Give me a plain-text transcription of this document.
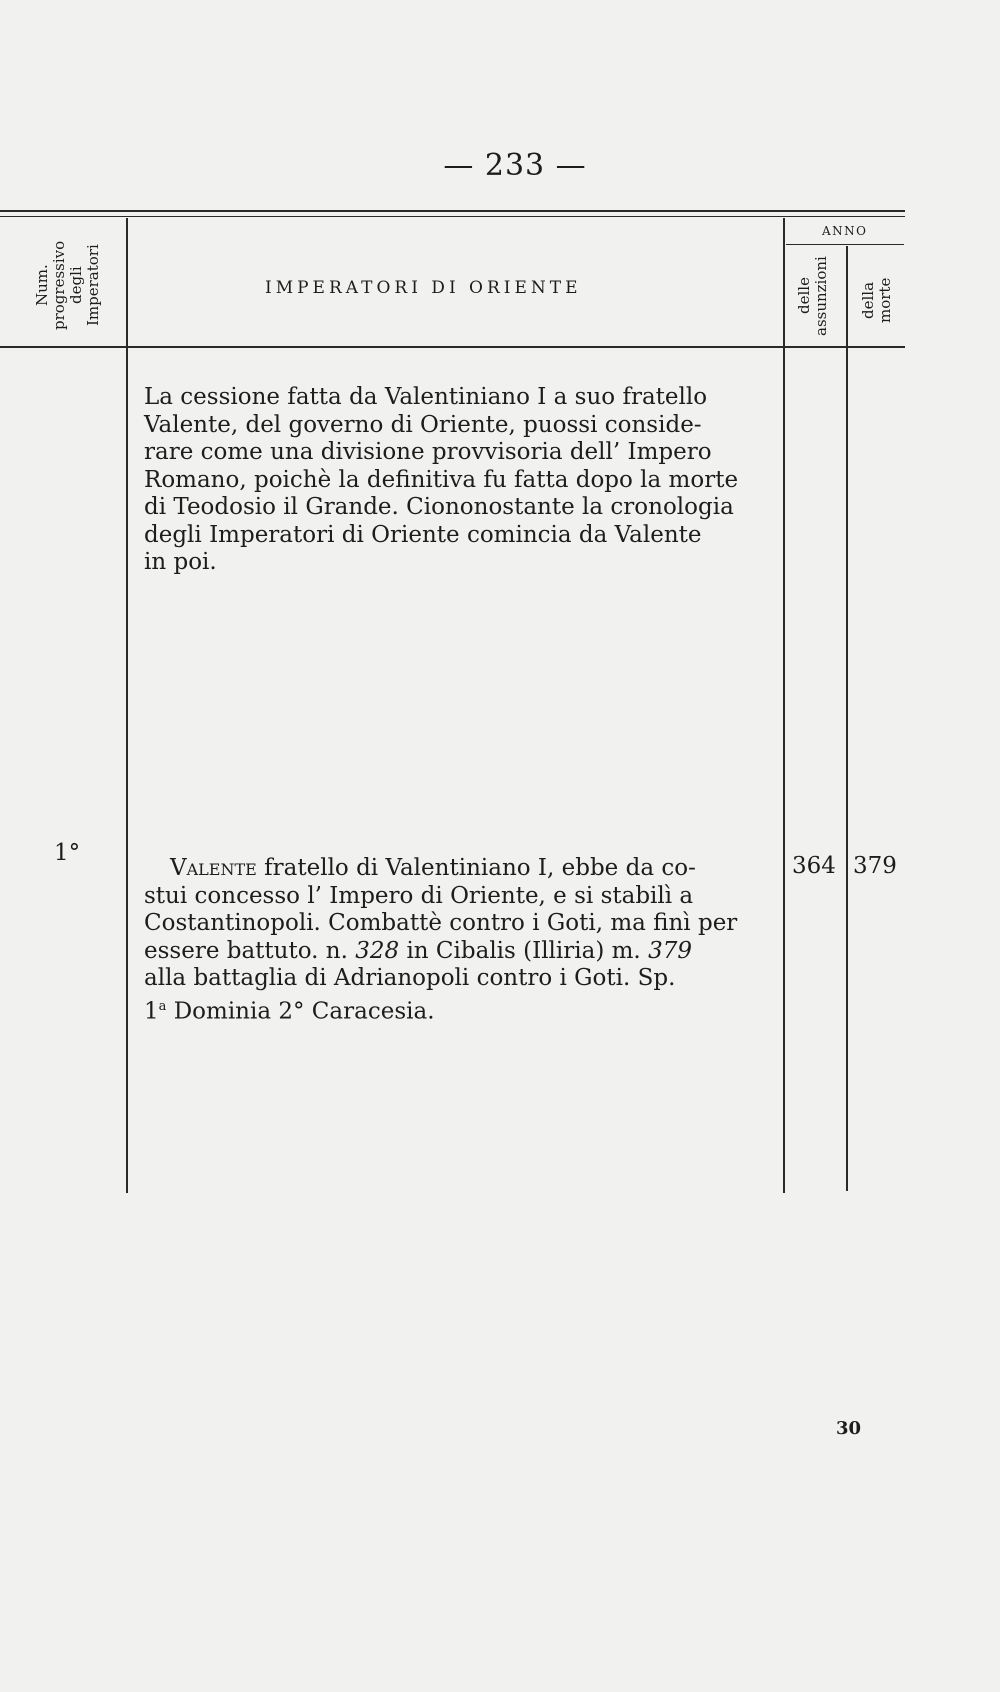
— 233 —
Num. progressivo degli Imperatori	IMPERATORI DI ORIENTE
ANNO
delle assunzioni della morte
La cessione fatta da Valentiniano I a suo fratello
Valente, del governo di Oriente, puossi conside-
rare come una divisione provvisoria dell’ Impero
Romano, poichè la definitiva fu fatta dopo la morte
di Teodosio il Grande. Ciononostante la cronologia
degli Imperatori di Oriente comincia da Valente
in poi.
1°
Valente fratello di Valentiniano I, ebbe da co-
stui concesso l’ Impero di Oriente, e si stabilì a
Costantinopoli. Combattè contro i Goti, ma finì per
essere battuto. n. 328 in Cibalis (Illiria) m. 379
alla battaglia di Adrianopoli contro i Goti. Sp.
1$^a$ Dominia 2° Caracesia.
364 379
30
